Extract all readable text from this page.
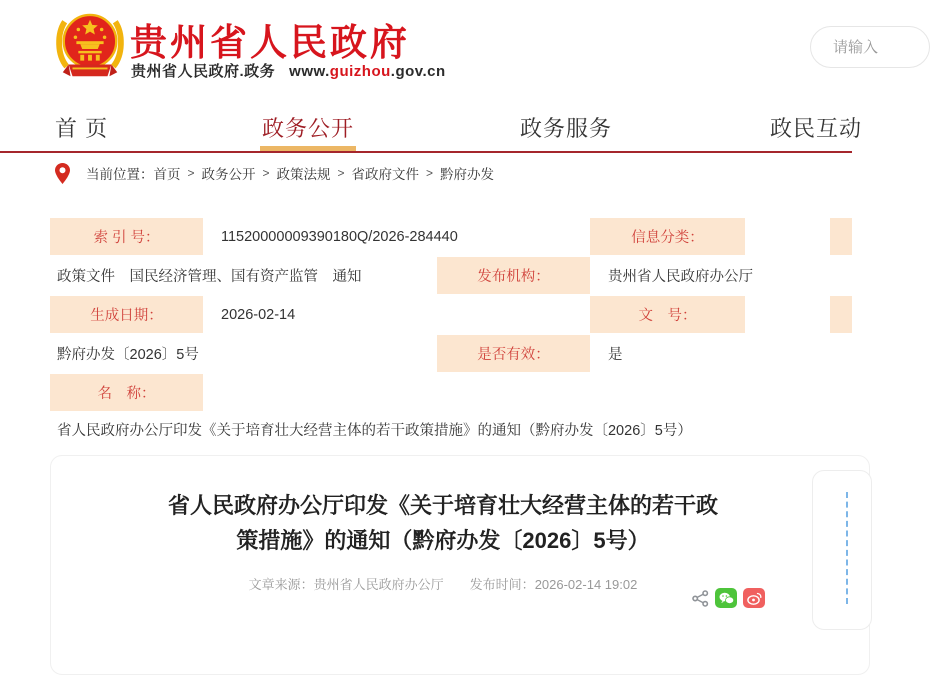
贵州省人民政府
贵州省人民政府.政务 www.guizhou.gov.cn
请输入
首 页	政务公开	政务服务	政民互动
当前位置： 首页 > 政务公开 > 政策法规 > 省政府文件 > 黔府办发
索 引 号：	11520000009390180Q/2026-284440	信息分类：
政策文件　国民经济管理、国有资产监管　通知	发布机构：	贵州省人民政府办公厅
生成日期：	2026-02-14	文　号：
黔府办发〔2026〕5号	是否有效：	是
名　称：
省人民政府办公厅印发《关于培育壮大经营主体的若干政策措施》的通知（黔府办发〔2026〕5号）
省人民政府办公厅印发《关于培育壮大经营主体的若干政
策措施》的通知（黔府办发〔2026〕5号）
文章来源：贵州省人民政府办公厅 发布时间：2026-02-14 19:02
